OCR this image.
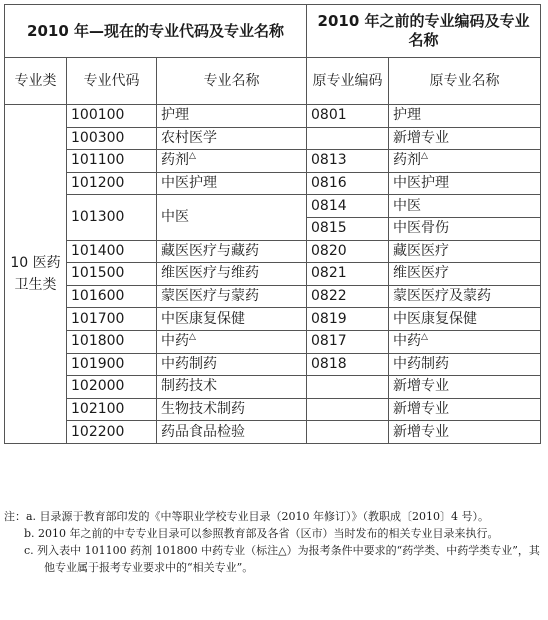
2010 年—现在的专业代码及专业名称			2010 年之前的专业编码及专业名称	
专业类	专业代码	专业名称	原专业编码	原专业名称
10 医药卫生类	100100	护理	0801	护理
	100300	农村医学		新增专业
	101100	药剂△	0813	药剂△
	101200	中医护理	0816	中医护理
	101300	中医	0814	中医
			0815	中医骨伤
	101400	藏医医疗与藏药	0820	藏医医疗
	101500	维医医疗与维药	0821	维医医疗
	101600	蒙医医疗与蒙药	0822	蒙医医疗及蒙药
	101700	中医康复保健	0819	中医康复保健
	101800	中药△	0817	中药△
	101900	中药制药	0818	中药制药
	102000	制药技术		新增专业
	102100	生物技术制药		新增专业
	102200	药品食品检验		新增专业
注：a. 目录源于教育部印发的《中等职业学校专业目录（2010 年修订）》（教职成〔2010〕4 号）。
b. 2010 年之前的中专专业目录可以参照教育部及各省（区市）当时发布的相关专业目录来执行。
c. 列入表中 101100 药剂 101800 中药专业（标注△）为报考条件中要求的“药学类、中药学类专业”，其他专业属于报考专业要求中的“相关专业”。
